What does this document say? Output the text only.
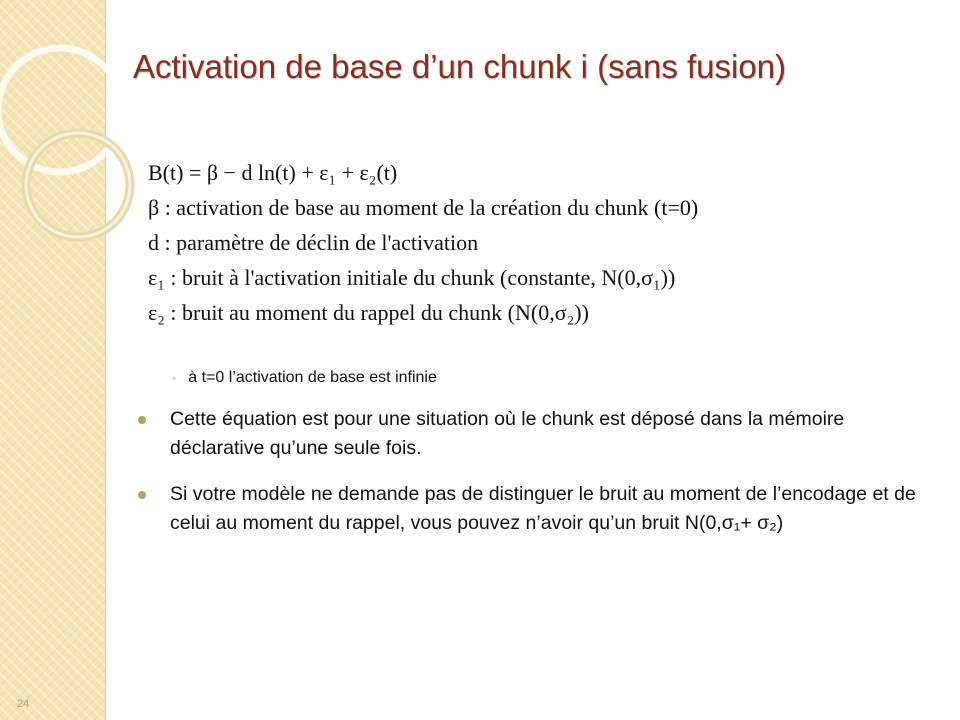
Activation de base d’un chunk i (sans fusion)
B(t) = β − d ln(t) + ε₁ + ε₂(t)
β : activation de base au moment de la création du chunk (t=0)
d : paramètre de déclin de l'activation
ε₁ : bruit à l'activation initiale du chunk (constante, N(0,σ₁))
ε₂ : bruit au moment du rappel du chunk (N(0,σ₂))
◦ à t=0 l’activation de base est infinie
Cette équation est pour une situation où le chunk est déposé dans la mémoire déclarative qu’une seule fois.
Si votre modèle ne demande pas de distinguer le bruit au moment de l’encodage et de celui au moment du rappel, vous pouvez n’avoir qu’un bruit N(0,σ₁+ σ₂)
24
